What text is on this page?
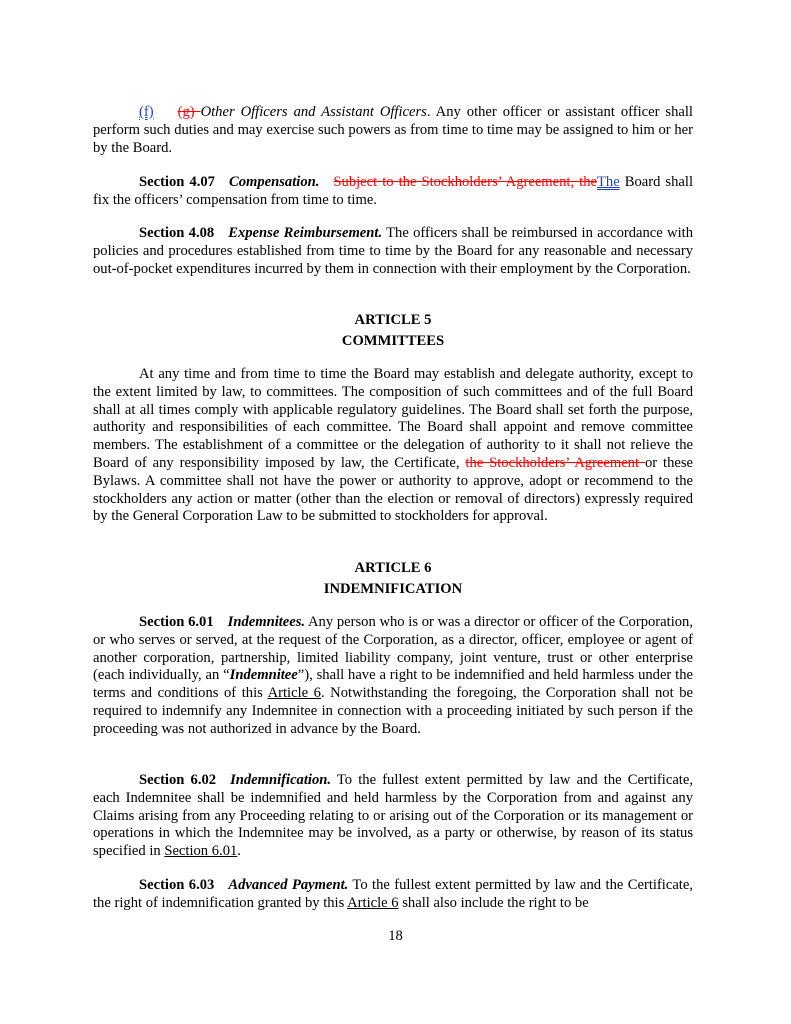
(f) (g) Other Officers and Assistant Officers. Any other officer or assistant officer shall perform such duties and may exercise such powers as from time to time may be assigned to him or her by the Board.

Section 4.07 Compensation. Subject to the Stockholders’ Agreement, theThe Board shall fix the officers’ compensation from time to time.

Section 4.08 Expense Reimbursement. The officers shall be reimbursed in accordance with policies and procedures established from time to time by the Board for any reasonable and necessary out-of-pocket expenditures incurred by them in connection with their employment by the Corporation.

ARTICLE 5

COMMITTEES

At any time and from time to time the Board may establish and delegate authority, except to the extent limited by law, to committees. The composition of such committees and of the full Board shall at all times comply with applicable regulatory guidelines. The Board shall set forth the purpose, authority and responsibilities of each committee. The Board shall appoint and remove committee members. The establishment of a committee or the delegation of authority to it shall not relieve the Board of any responsibility imposed by law, the Certificate, the Stockholders’ Agreement or these Bylaws. A committee shall not have the power or authority to approve, adopt or recommend to the stockholders any action or matter (other than the election or removal of directors) expressly required by the General Corporation Law to be submitted to stockholders for approval.

ARTICLE 6

INDEMNIFICATION

Section 6.01 Indemnitees. Any person who is or was a director or officer of the Corporation, or who serves or served, at the request of the Corporation, as a director, officer, employee or agent of another corporation, partnership, limited liability company, joint venture, trust or other enterprise (each individually, an “Indemnitee”), shall have a right to be indemnified and held harmless under the terms and conditions of this Article 6. Notwithstanding the foregoing, the Corporation shall not be required to indemnify any Indemnitee in connection with a proceeding initiated by such person if the proceeding was not authorized in advance by the Board.

Section 6.02 Indemnification. To the fullest extent permitted by law and the Certificate, each Indemnitee shall be indemnified and held harmless by the Corporation from and against any Claims arising from any Proceeding relating to or arising out of the Corporation or its management or operations in which the Indemnitee may be involved, as a party or otherwise, by reason of its status specified in Section 6.01.

Section 6.03 Advanced Payment. To the fullest extent permitted by law and the Certificate, the right of indemnification granted by this Article 6 shall also include the right to be

18
